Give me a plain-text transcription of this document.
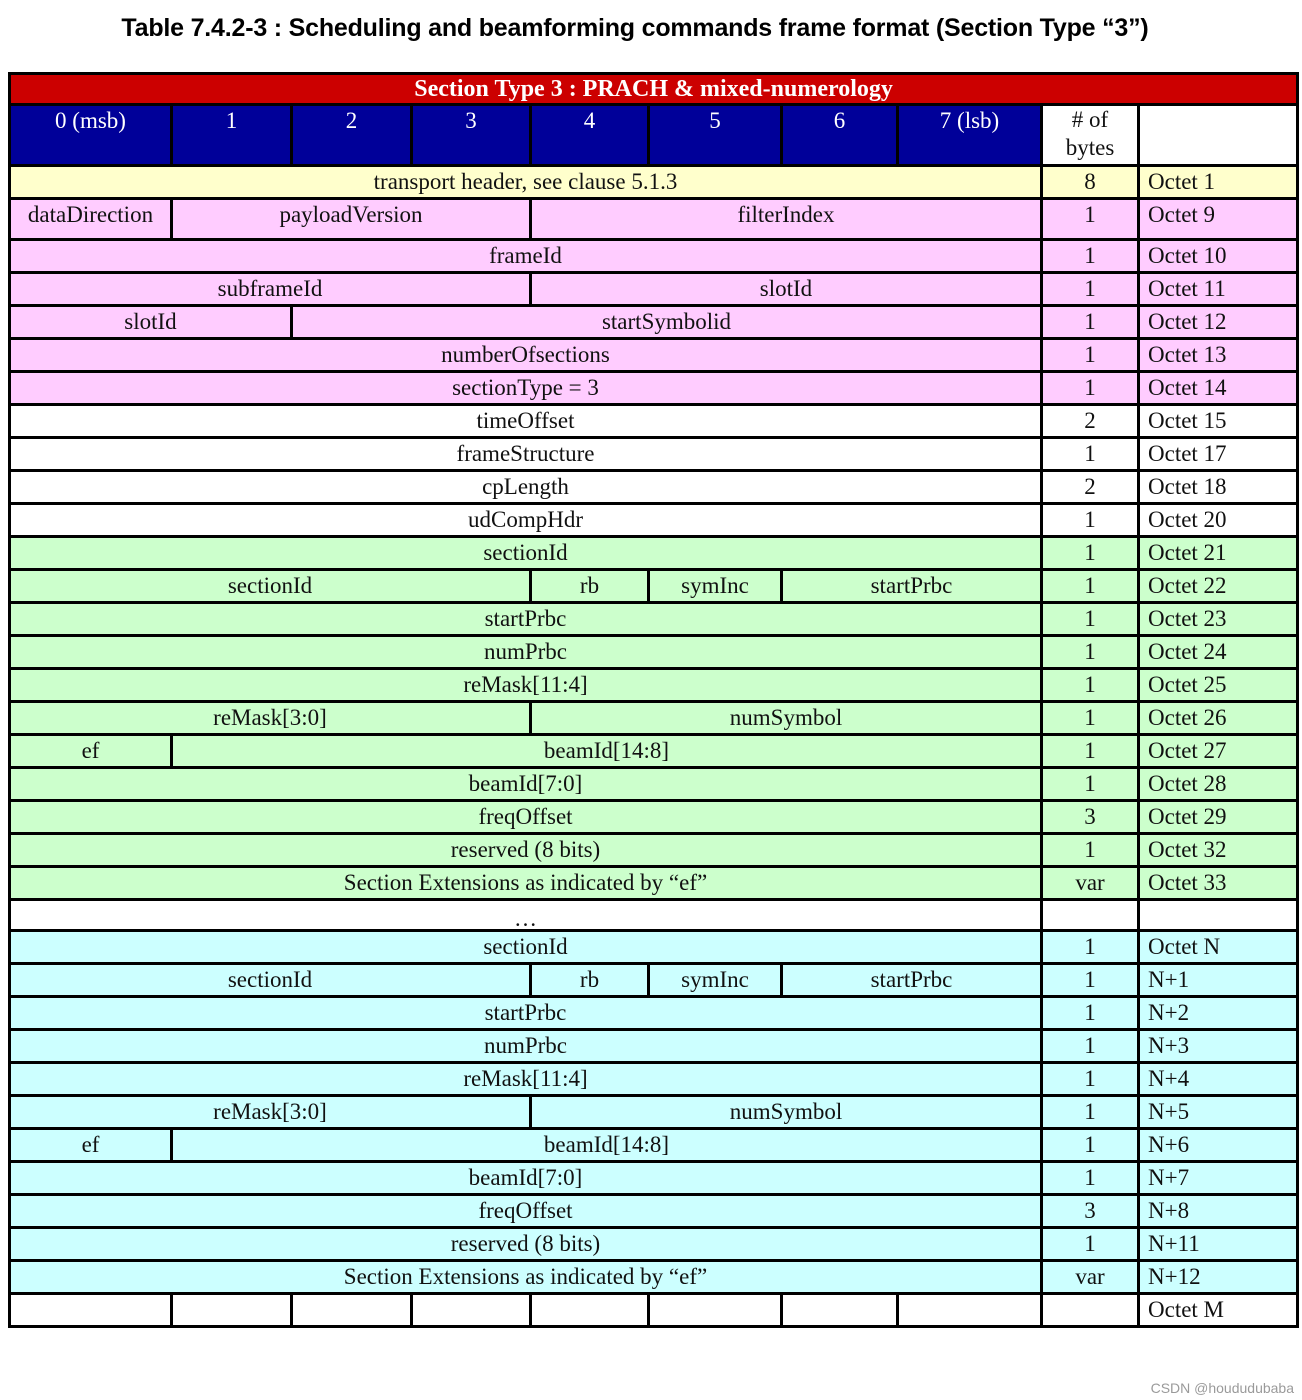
Table 7.4.2-3 : Scheduling and beamforming commands frame format (Section Type “3”)
Section Type 3 : PRACH & mixed-numerology									
0 (msb)	1	2	3	4	5	6	7 (lsb)	# of bytes	
transport header, see clause 5.1.3								8	Octet 1
dataDirection	payloadVersion			filterIndex				1	Octet 9
frameId								1	Octet 10
subframeId				slotId				1	Octet 11
slotId		startSymbolid						1	Octet 12
numberOfsections								1	Octet 13
sectionType = 3								1	Octet 14
timeOffset								2	Octet 15
frameStructure								1	Octet 17
cpLength								2	Octet 18
udCompHdr								1	Octet 20
sectionId								1	Octet 21
sectionId				rb	symInc	startPrbc		1	Octet 22
startPrbc								1	Octet 23
numPrbc								1	Octet 24
reMask[11:4]								1	Octet 25
reMask[3:0]				numSymbol				1	Octet 26
ef	beamId[14:8]							1	Octet 27
beamId[7:0]								1	Octet 28
freqOffset								3	Octet 29
reserved (8 bits)								1	Octet 32
Section Extensions as indicated by “ef”								var	Octet 33
…									
sectionId								1	Octet N
sectionId				rb	symInc	startPrbc		1	N+1
startPrbc								1	N+2
numPrbc								1	N+3
reMask[11:4]								1	N+4
reMask[3:0]				numSymbol				1	N+5
ef	beamId[14:8]							1	N+6
beamId[7:0]								1	N+7
freqOffset								3	N+8
reserved (8 bits)								1	N+11
Section Extensions as indicated by “ef”								var	N+12
									Octet M
CSDN @hoududubaba
